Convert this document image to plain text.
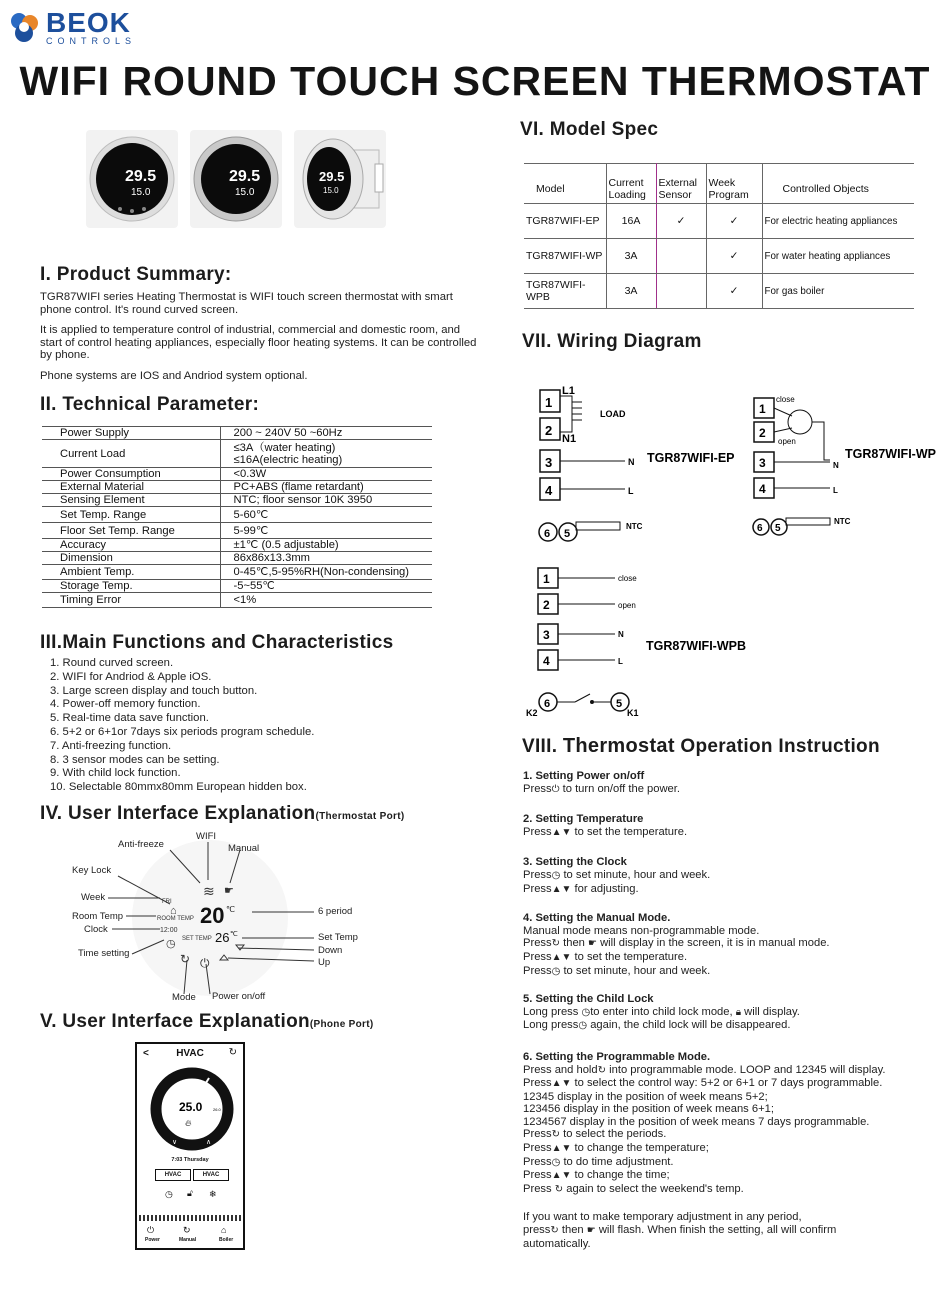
BEOK
CONTROLS
WIFI ROUND TOUCH SCREEN THERMOSTAT
29.5
15.0
29.5
15.0
29.5
15.0
I. Product Summary:
TGR87WIFI series Heating Thermostat is WIFI touch screen thermostat with smart phone control. It's round curved screen.
It is applied to temperature control of industrial, commercial and domestic room, and start of control heating appliances, especially floor heating systems. It can be controlled by phone.
Phone systems are IOS and Andriod system optional.
II. Technical Parameter:
Power Supply	200 ~ 240V 50 ~60Hz
Current Load	≤3A（water heating)
≤16A(electric heating)

Power Consumption	<0.3W
External Material	PC+ABS (flame retardant)
Sensing Element	NTC; floor sensor 10K 3950
Set Temp. Range	5-60℃
Floor Set Temp. Range	5-99℃
Accuracy	±1℃ (0.5 adjustable)
Dimension	86x86x13.3mm
Ambient Temp.	0-45℃,5-95%RH(Non-condensing)
Storage Temp.	-5~55℃
Timing Error	<1%
III.Main Functions and Characteristics
1. Round curved screen.
2. WIFI for Andriod & Apple iOS.
3. Large screen display and touch button.
4. Power-off memory function.
5. Real-time data save function.
6. 5+2 or 6+1or 7days six periods program schedule.
7. Anti-freezing function.
8. 3 sensor modes can be setting.
9. With child lock function.
10. Selectable 80mmx80mm European hidden box.
IV. User Interface Explanation(Thermostat Port)
≋ ☛
⌂
FRI
ROOM TEMP 20 ℃
12:00
SET TEMP 26 ℃
◷
↻ ⏻
WIFI
Anti-freeze	Manual
Key Lock
Week
Room Temp
Clock
Time setting
6 period
Set Temp
Down
Up
Mode Power on/off
V. User Interface Explanation(Phone Port)
<	HVAC	↻
25.0	26.0
🔥︎
∨	∧
7:03 Thursday
HVAC	HVAC
◷ 🔓︎ ❄
⏻	↻	⌂
Power	Manual	Boiler
VI. Model Spec
Model	Current Loading	External Sensor	Week Program	Controlled Objects
TGR87WIFI-EP	16A	✓	✓	For electric heating appliances
TGR87WIFI-WP	3A		✓	For water heating appliances
TGR87WIFI-WPB	3A		✓	For gas boiler
VII. Wiring Diagram
1
2
3
4
L1
N1
LOAD
N
L
6 5
NTC
TGR87WIFI-EP
1
2
3
4
close
open
N
L
6 5
NTC
TGR87WIFI-WP
1
2
3
4
close
open
N
L
TGR87WIFI-WPB
6	5
K2	K1
VIII. Thermostat Operation Instruction
1. Setting Power on/off
Press⏻ to turn on/off the power.
2. Setting Temperature
Press▲▼ to set the temperature.
3. Setting the Clock
Press◷ to set minute, hour and week.
Press▲▼ for adjusting.
4. Setting the Manual Mode.
Manual mode means non-programmable mode.
Press↻ then ☛ will display in the screen, it is in manual mode.
Press▲▼ to set the temperature.
Press◷ to set minute, hour and week.
5. Setting the Child Lock
Long press ◷to enter into child lock mode, 🔒︎ will display.
Long press◷ again, the child lock will be disappeared.
6. Setting the Programmable Mode.
Press and hold↻ into programmable mode. LOOP and 12345 will display.
Press▲▼ to select the control way: 5+2 or 6+1 or 7 days programmable.
12345 display in the position of week means 5+2;
123456 display in the position of week means 6+1;
1234567 display in the position of week means 7 days programmable.
Press↻ to select the periods.
Press▲▼ to change the temperature;
Press◷ to do time adjustment.
Press▲▼ to change the time;
Press ↻ again to select the weekend's temp.
If you want to make temporary adjustment in any period,
press↻ then ☛ will flash. When finish the setting, all will confirm
automatically.
